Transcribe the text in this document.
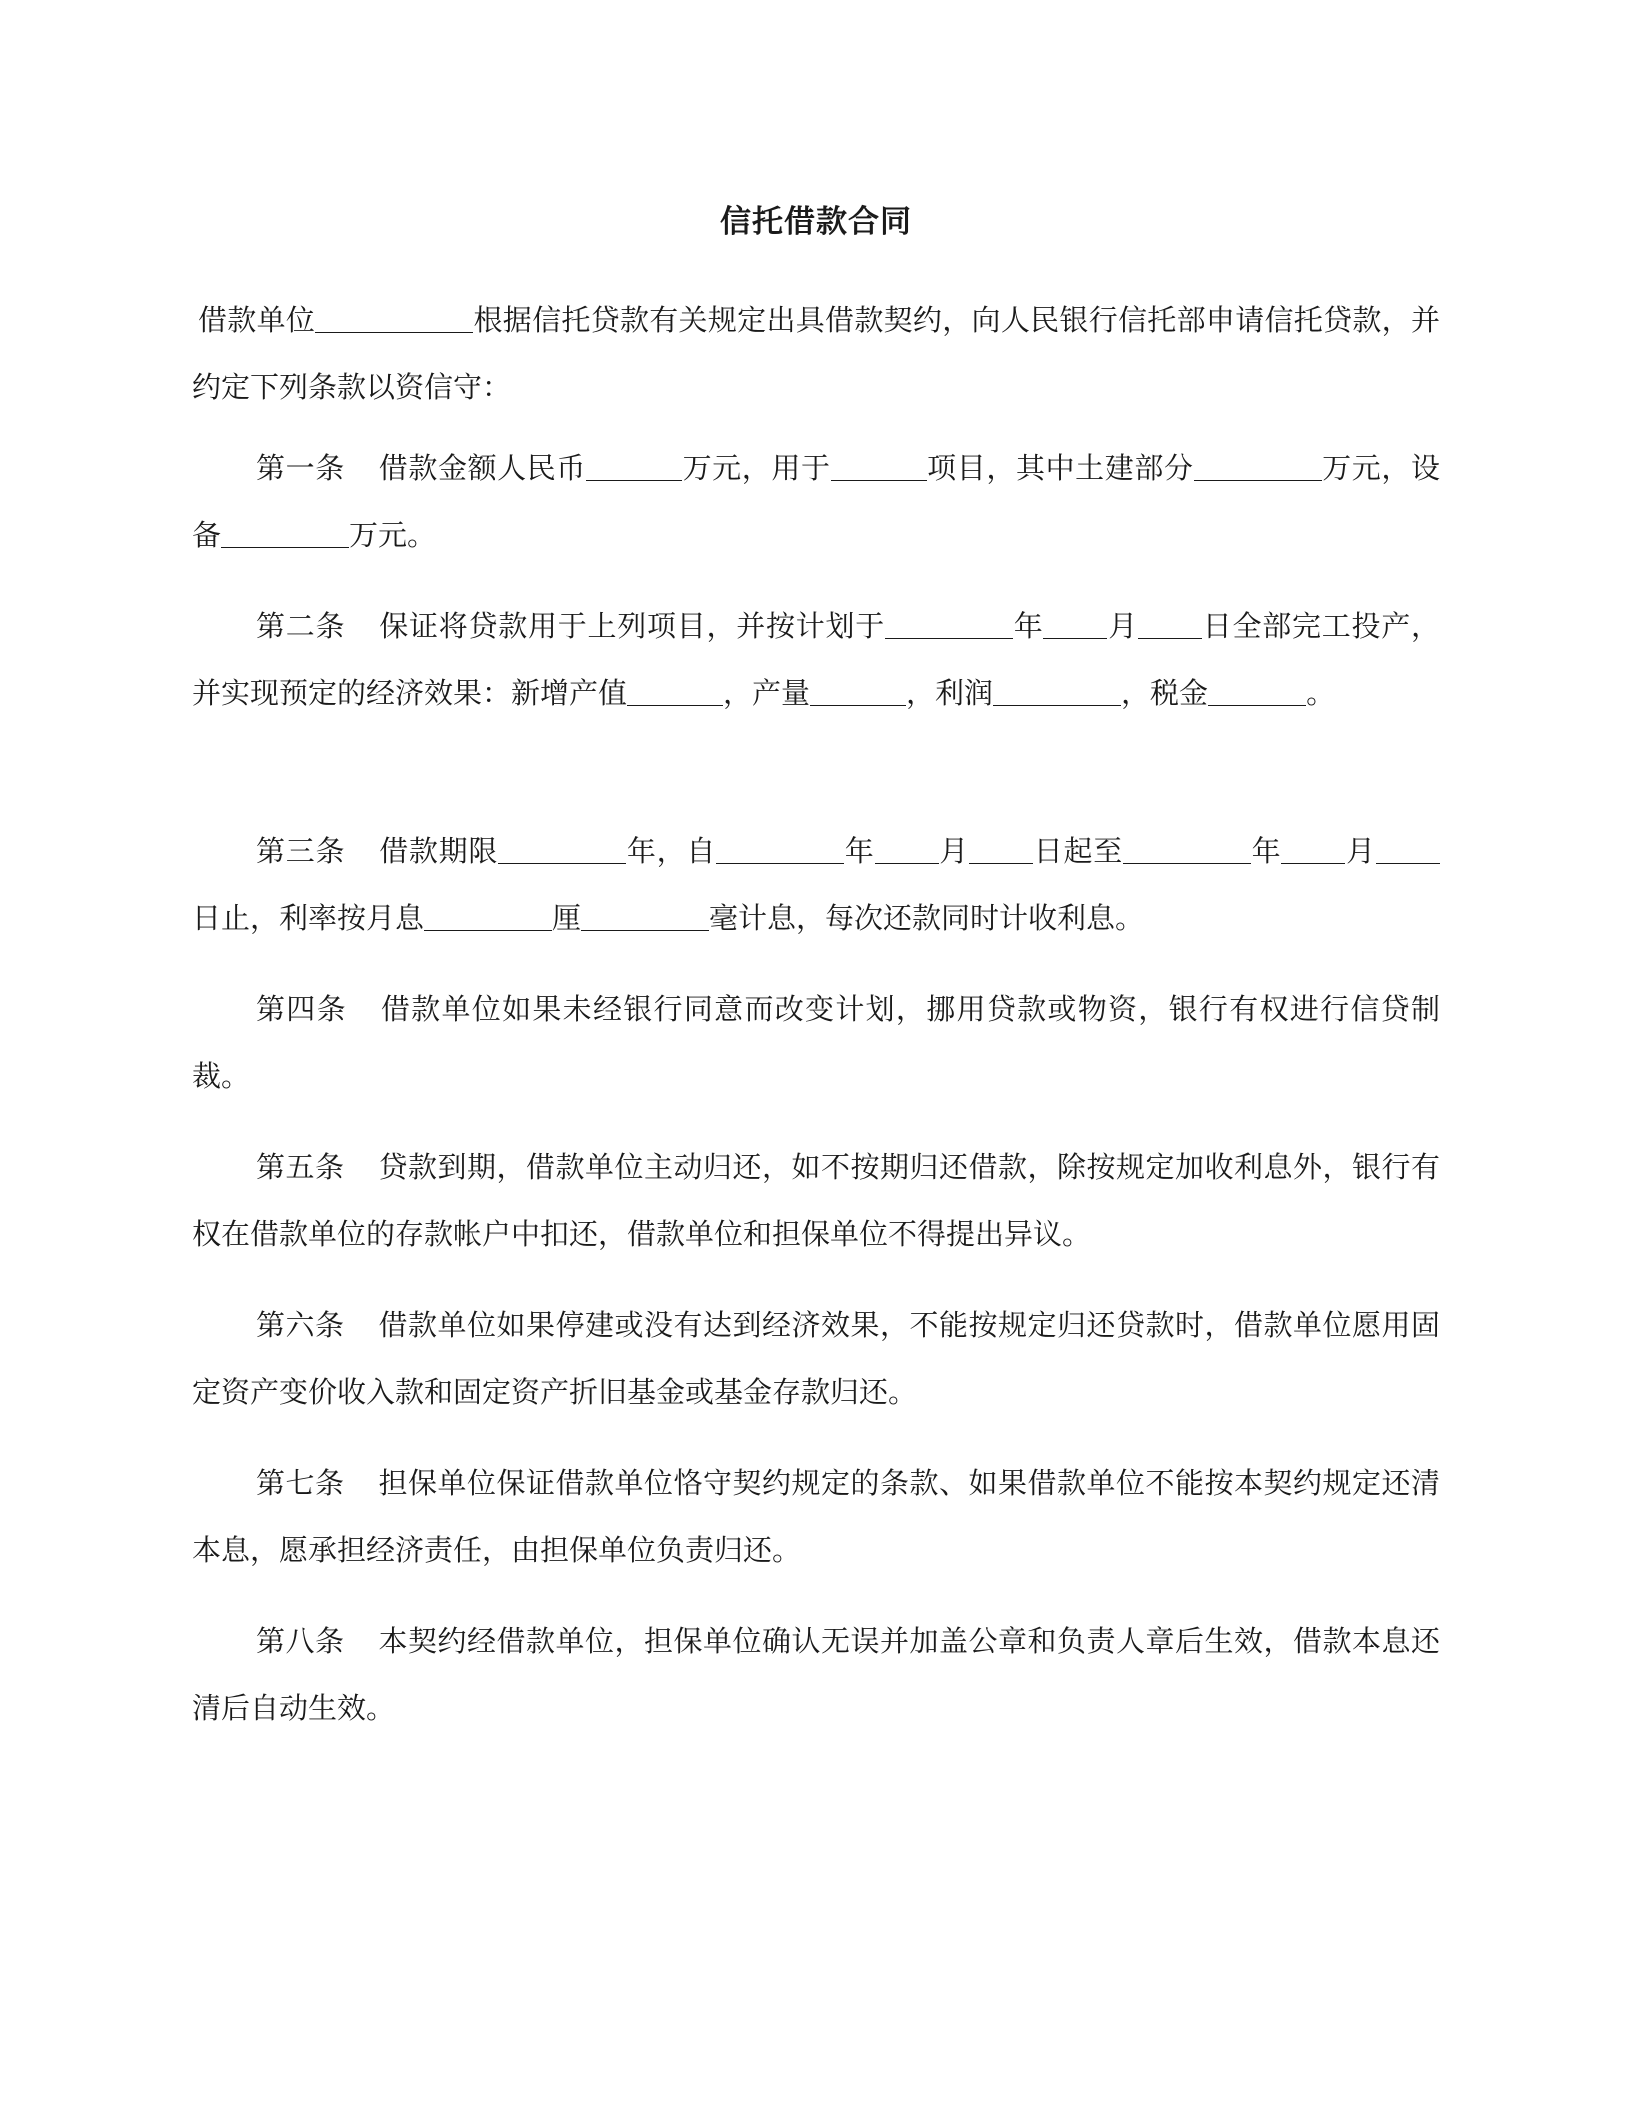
信托借款合同

借款单位	根据信托贷款有关规定出具借款契约，向人民银行信托部申请信托贷款，并约定下列条款以资信守：

第一条 借款金额人民币	万元，用于	项目，其中土建部分	万元，设备	万元。

第二条 保证将贷款用于上列项目，并按计划于	年 月 日全部完工投产，并实现预定的经济效果：新增产值	，产量	，利润	，税金	。

第三条 借款期限	年，自	年 月 日起至	年 月日止，利率按月息	厘	毫计息，每次还款同时计收利息。

第四条 借款单位如果未经银行同意而改变计划，挪用贷款或物资，银行有权进行信贷制裁。

第五条 贷款到期，借款单位主动归还，如不按期归还借款，除按规定加收利息外，银行有权在借款单位的存款帐户中扣还，借款单位和担保单位不得提出异议。

第六条 借款单位如果停建或没有达到经济效果，不能按规定归还贷款时，借款单位愿用固定资产变价收入款和固定资产折旧基金或基金存款归还。

第七条 担保单位保证借款单位恪守契约规定的条款、如果借款单位不能按本契约规定还清本息，愿承担经济责任，由担保单位负责归还。

第八条 本契约经借款单位，担保单位确认无误并加盖公章和负责人章后生效，借款本息还清后自动生效。
